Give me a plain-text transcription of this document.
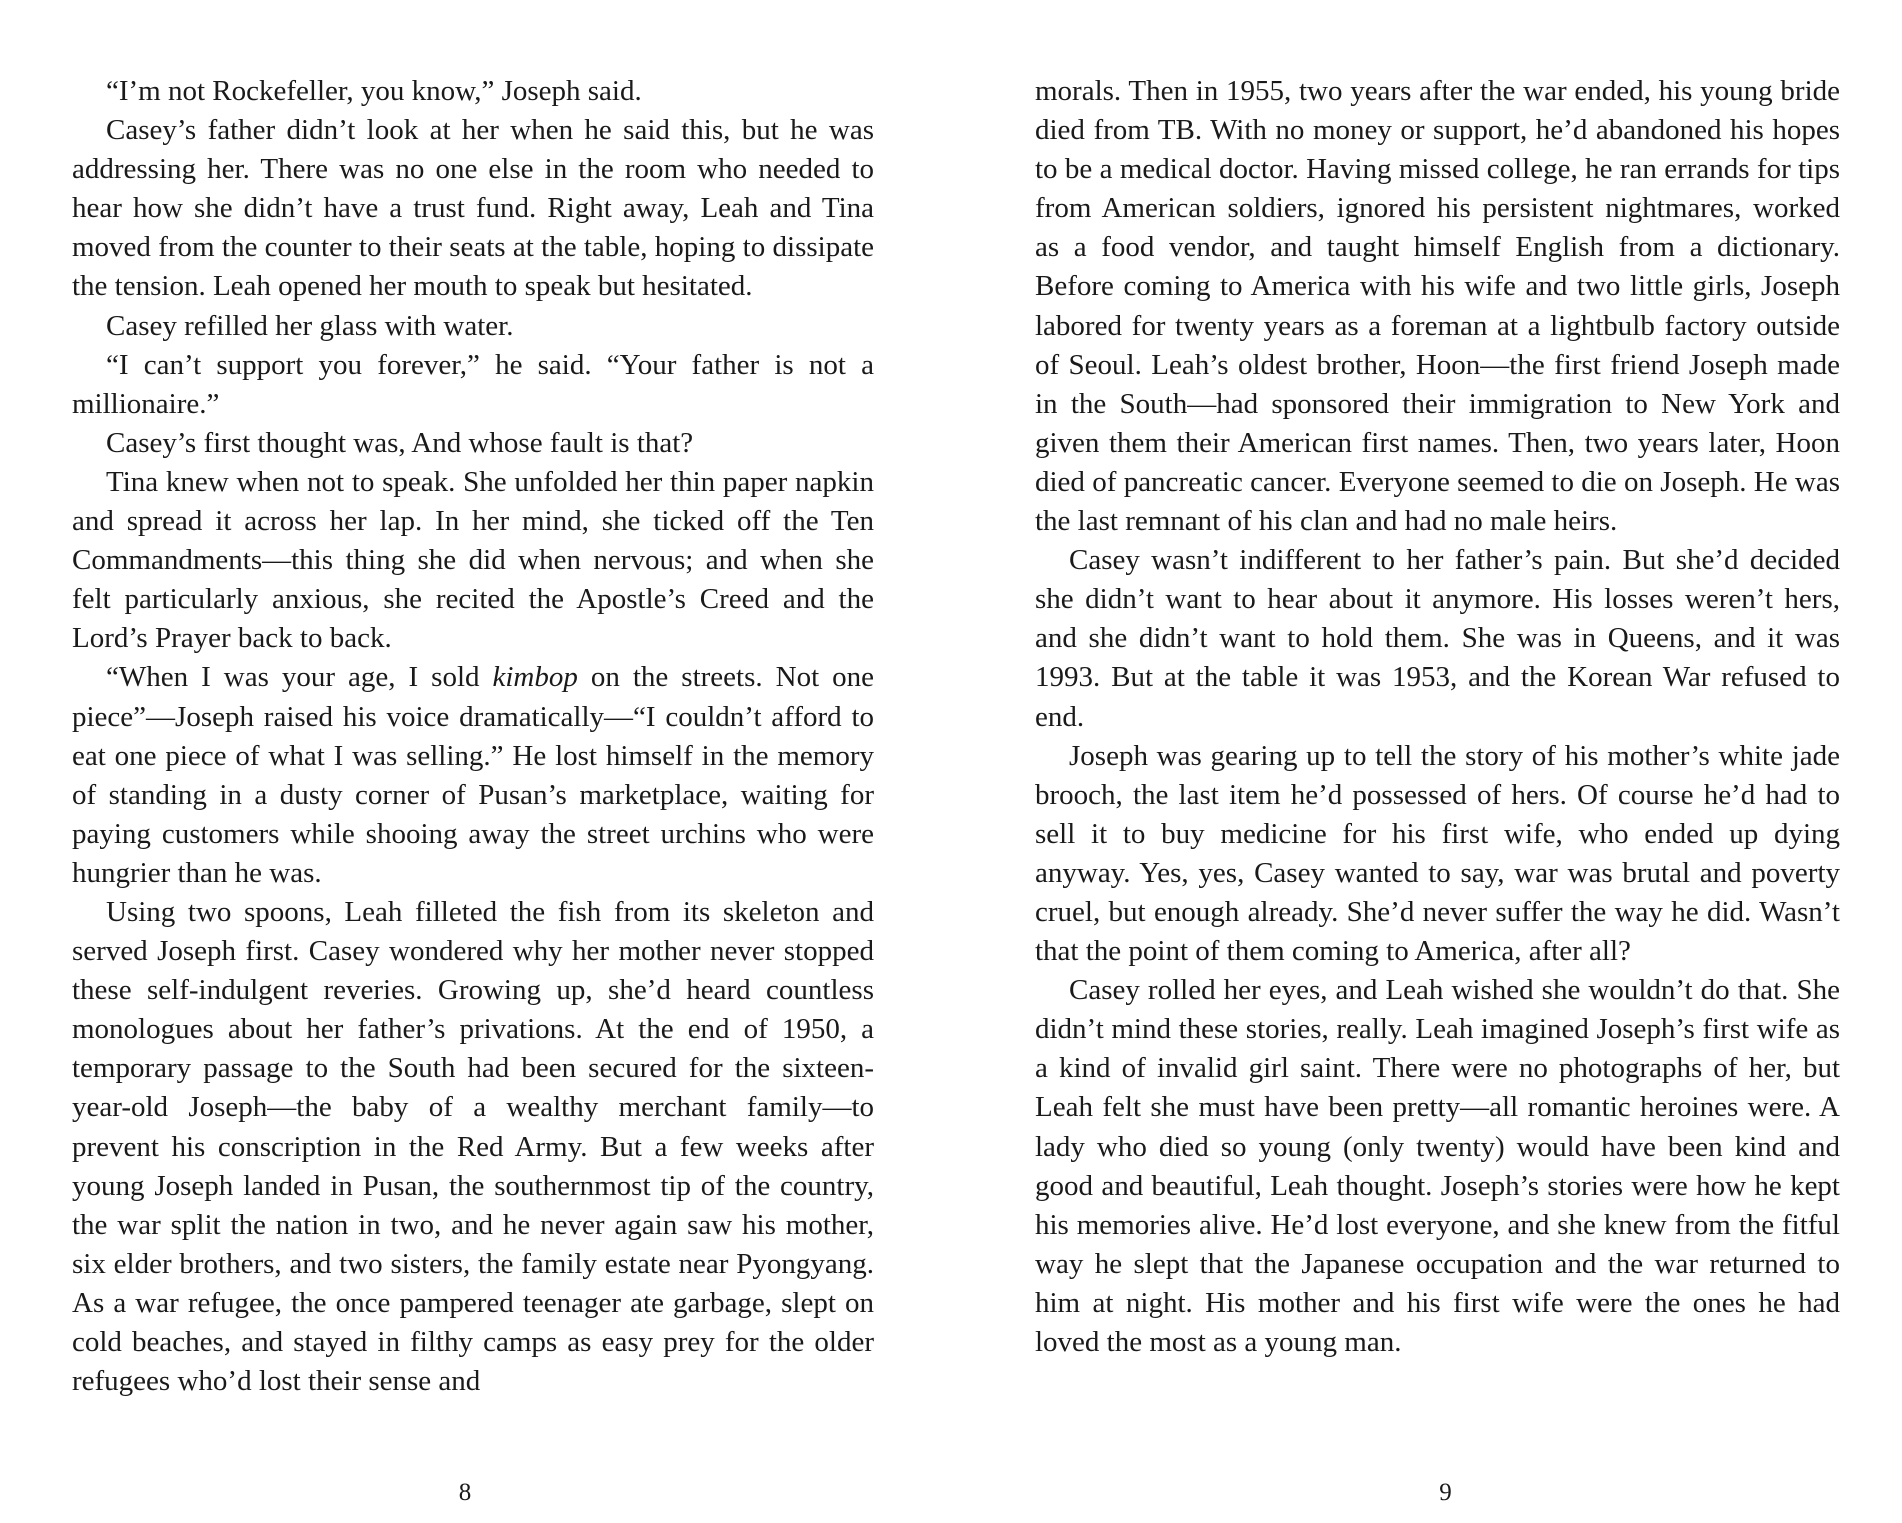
“I’m not Rockefeller, you know,” Joseph said.

Casey’s father didn’t look at her when he said this, but he was addressing her. There was no one else in the room who needed to hear how she didn’t have a trust fund. Right away, Leah and Tina moved from the counter to their seats at the table, hoping to dissipate the tension. Leah opened her mouth to speak but hesitated.

Casey refilled her glass with water.

“I can’t support you forever,” he said. “Your father is not a millionaire.”

Casey’s first thought was, And whose fault is that?

Tina knew when not to speak. She unfolded her thin paper napkin and spread it across her lap. In her mind, she ticked off the Ten Commandments—this thing she did when nervous; and when she felt particularly anxious, she recited the Apostle’s Creed and the Lord’s Prayer back to back.

“When I was your age, I sold kimbop on the streets. Not one piece”—Joseph raised his voice dramatically—“I couldn’t afford to eat one piece of what I was selling.” He lost himself in the memory of standing in a dusty corner of Pusan’s marketplace, waiting for paying customers while shooing away the street urchins who were hungrier than he was.

Using two spoons, Leah filleted the fish from its skeleton and served Joseph first. Casey wondered why her mother never stopped these self-indulgent reveries. Growing up, she’d heard countless monologues about her father’s privations. At the end of 1950, a temporary passage to the South had been secured for the sixteen-year-old Joseph—the baby of a wealthy merchant family—to prevent his conscription in the Red Army. But a few weeks after young Joseph landed in Pusan, the southernmost tip of the country, the war split the nation in two, and he never again saw his mother, six elder brothers, and two sisters, the family estate near Pyongyang. As a war refugee, the once pampered teenager ate garbage, slept on cold beaches, and stayed in filthy camps as easy prey for the older refugees who’d lost their sense and

8

morals. Then in 1955, two years after the war ended, his young bride died from TB. With no money or support, he’d abandoned his hopes to be a medical doctor. Having missed college, he ran errands for tips from American soldiers, ignored his persistent nightmares, worked as a food vendor, and taught himself English from a dictionary. Before coming to America with his wife and two little girls, Joseph labored for twenty years as a foreman at a lightbulb factory outside of Seoul. Leah’s oldest brother, Hoon—the first friend Joseph made in the South—had sponsored their immigration to New York and given them their American first names. Then, two years later, Hoon died of pancreatic cancer. Everyone seemed to die on Joseph. He was the last remnant of his clan and had no male heirs.

Casey wasn’t indifferent to her father’s pain. But she’d decided she didn’t want to hear about it anymore. His losses weren’t hers, and she didn’t want to hold them. She was in Queens, and it was 1993. But at the table it was 1953, and the Korean War refused to end.

Joseph was gearing up to tell the story of his mother’s white jade brooch, the last item he’d possessed of hers. Of course he’d had to sell it to buy medicine for his first wife, who ended up dying anyway. Yes, yes, Casey wanted to say, war was brutal and poverty cruel, but enough already. She’d never suffer the way he did. Wasn’t that the point of them coming to America, after all?

Casey rolled her eyes, and Leah wished she wouldn’t do that. She didn’t mind these stories, really. Leah imagined Joseph’s first wife as a kind of invalid girl saint. There were no photographs of her, but Leah felt she must have been pretty—all romantic heroines were. A lady who died so young (only twenty) would have been kind and good and beautiful, Leah thought. Joseph’s stories were how he kept his memories alive. He’d lost everyone, and she knew from the fitful way he slept that the Japanese occupation and the war returned to him at night. His mother and his first wife were the ones he had loved the most as a young man.

9
